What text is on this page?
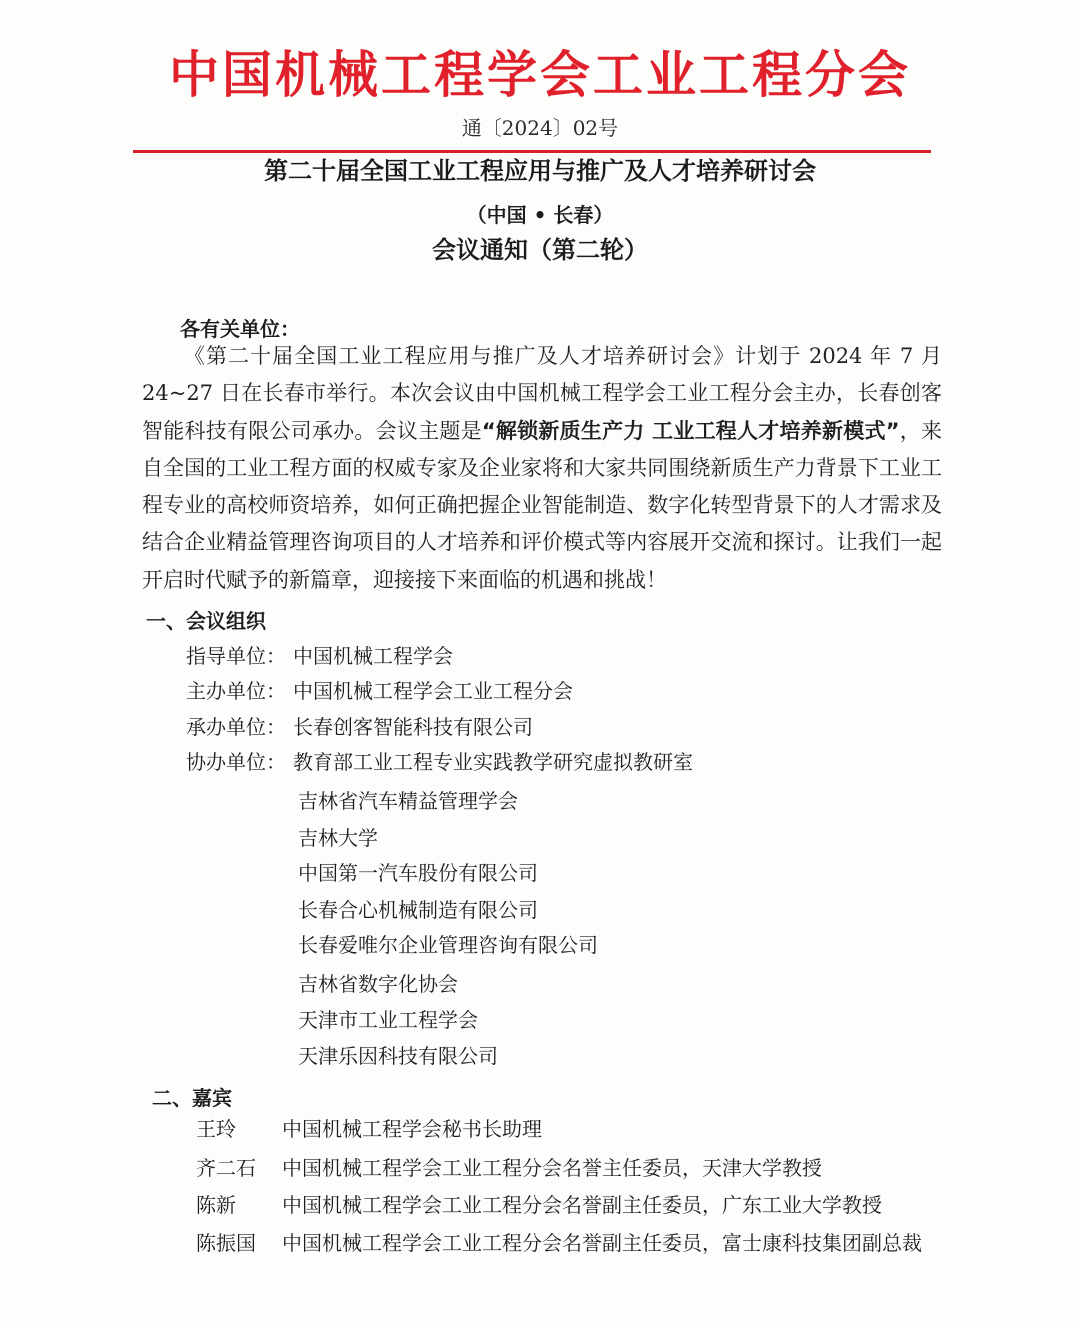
中国机械工程学会工业工程分会
通〔2024〕02号
第二十届全国工业工程应用与推广及人才培养研讨会
（中国 • 长春）
会议通知（第二轮）
各有关单位：
《第二十届全国工业工程应用与推广及人才培养研讨会》计划于 2024 年 7 月 24~27 日在长春市举行。本次会议由中国机械工程学会工业工程分会主办，长春创客智能科技有限公司承办。会议主题是“解锁新质生产力 工业工程人才培养新模式”，来自全国的工业工程方面的权威专家及企业家将和大家共同围绕新质生产力背景下工业工程专业的高校师资培养，如何正确把握企业智能制造、数字化转型背景下的人才需求及结合企业精益管理咨询项目的人才培养和评价模式等内容展开交流和探讨。让我们一起开启时代赋予的新篇章，迎接接下来面临的机遇和挑战！
一、会议组织
指导单位： 中国机械工程学会
主办单位： 中国机械工程学会工业工程分会
承办单位： 长春创客智能科技有限公司
协办单位： 教育部工业工程专业实践教学研究虚拟教研室
吉林省汽车精益管理学会
吉林大学
中国第一汽车股份有限公司
长春合心机械制造有限公司
长春爱唯尔企业管理咨询有限公司
吉林省数字化协会
天津市工业工程学会
天津乐因科技有限公司
二、嘉宾
王玲 中国机械工程学会秘书长助理
齐二石 中国机械工程学会工业工程分会名誉主任委员，天津大学教授
陈新 中国机械工程学会工业工程分会名誉副主任委员，广东工业大学教授
陈振国 中国机械工程学会工业工程分会名誉副主任委员，富士康科技集团副总裁
